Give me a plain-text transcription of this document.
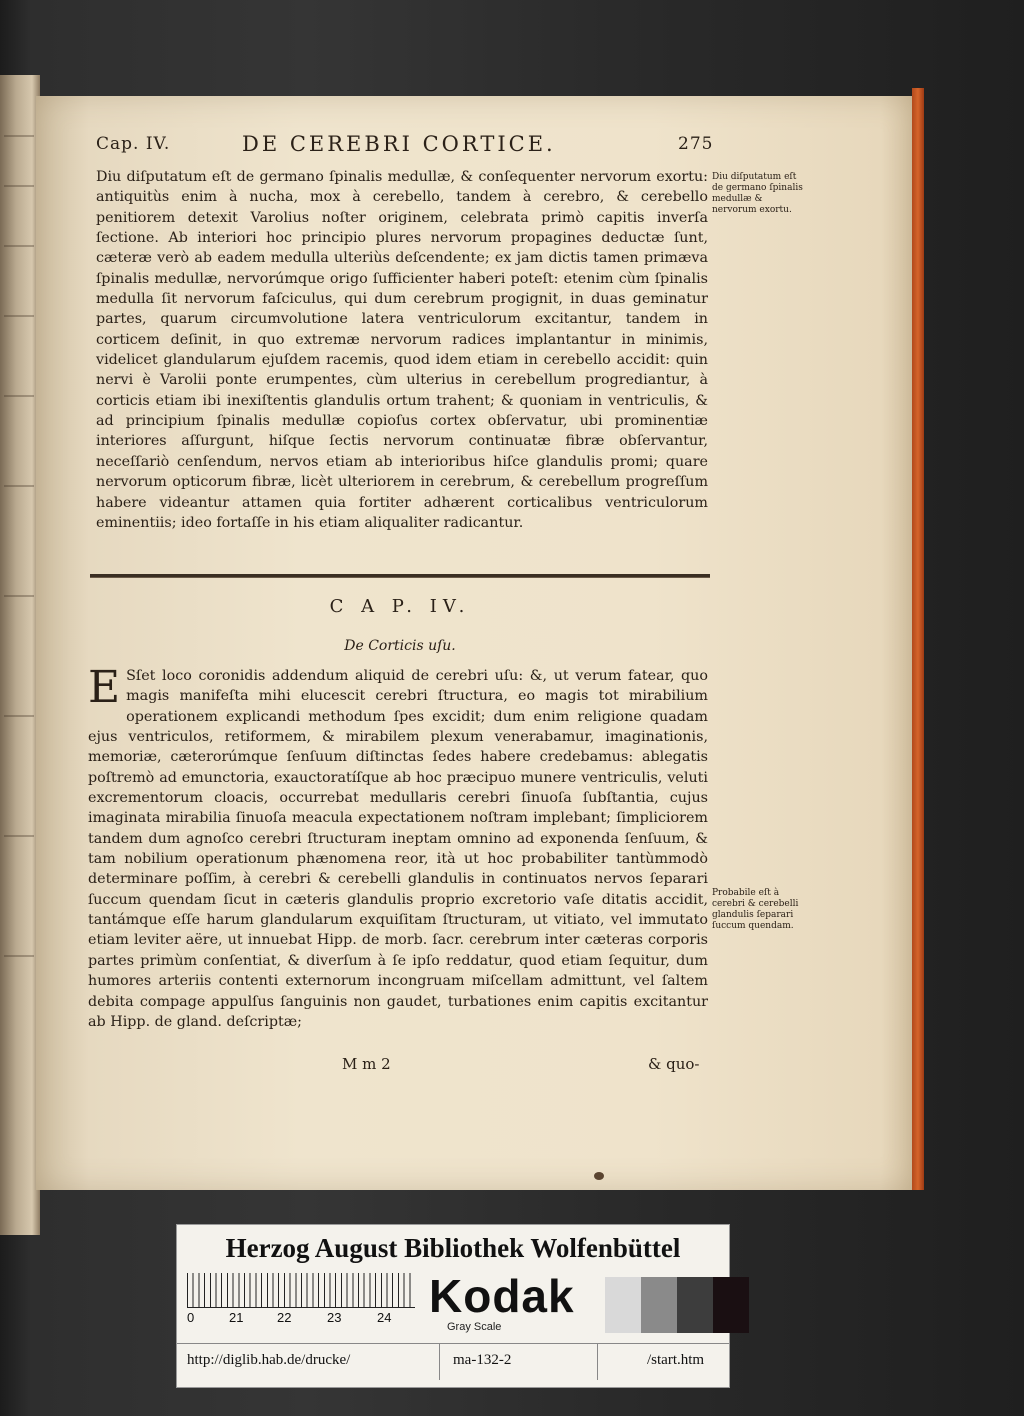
Cap. IV.	DE CEREBRI CORTICE.	275
Diu diſputatum eſt de germano ſpinalis medullæ, & conſequenter nervorum exortu: antiquitùs enim à nucha, mox à cerebello, tandem à cerebro, & cerebello penitiorem detexit Varolius noſter originem, celebrata primò capitis inverſa ſectione. Ab interiori hoc principio plures nervorum propagines deductæ ſunt, cæteræ verò ab eadem medulla ulteriùs deſcendente; ex jam dictis tamen primæva ſpinalis medullæ, nervorúmque origo ſufficienter haberi poteſt: etenim cùm ſpinalis medulla ſit nervorum faſciculus, qui dum cerebrum progignit, in duas geminatur partes, quarum circumvolutione latera ventriculorum excitantur, tandem in corticem deſinit, in quo extremæ nervorum radices implantantur in minimis, videlicet glandularum ejuſdem racemis, quod idem etiam in cerebello accidit: quin nervi è Varolii ponte erumpentes, cùm ulterius in cerebellum progrediantur, à corticis etiam ibi inexiſtentis glandulis ortum trahent; & quoniam in ventriculis, & ad principium ſpinalis medullæ copioſus cortex obſervatur, ubi prominentiæ interiores aſſurgunt, hiſque ſectis nervorum continuatæ fibræ obſervantur, neceſſariò cenſendum, nervos etiam ab interioribus hiſce glandulis promi; quare nervorum opticorum fibræ, licèt ulteriorem in cerebrum, & cerebellum progreſſum habere videantur attamen quia fortiter adhærent corticalibus ventriculorum eminentiis; ideo fortaſſe in his etiam aliqualiter radicantur.
Diu diſputatum eſt de germano ſpinalis medullæ & nervorum exortu.
C A P. IV.
De Corticis uſu.
E Sſet loco coronidis addendum aliquid de cerebri uſu: &, ut verum fatear, quo magis manifeſta mihi elucescit cerebri ſtructura, eo magis tot mirabilium operationem explicandi methodum ſpes excidit; dum enim religione quadam ejus ventriculos, retiformem, & mirabilem plexum venerabamur, imaginationis, memoriæ, cæterorúmque ſenſuum diſtinctas ſedes habere credebamus: ablegatis poſtremò ad emunctoria, exauctoratíſque ab hoc præcipuo munere ventriculis, veluti excrementorum cloacis, occurrebat medullaris cerebri ſinuoſa ſubſtantia, cujus imaginata mirabilia ſinuoſa meacula expectationem noſtram implebant; ſimpliciorem tandem dum agnoſco cerebri ſtructuram ineptam omnino ad exponenda ſenſuum, & tam nobilium operationum phænomena reor, ità ut hoc probabiliter tantùmmodò determinare poſſim, à cerebri & cerebelli glandulis in continuatos nervos ſeparari ſuccum quendam ſicut in cæteris glandulis proprio excretorio vaſe ditatis accidit, tantámque eſſe harum glandularum exquiſitam ſtructuram, ut vitiato, vel immutato etiam leviter aëre, ut innuebat Hipp. de morb. ſacr. cerebrum inter cæteras corporis partes primùm conſentiat, & diverſum à ſe ipſo reddatur, quod etiam ſequitur, dum humores arteriis contenti externorum incongruam miſcellam admittunt, vel ſaltem debita compage appulſus ſanguinis non gaudet, turbationes enim capitis excitantur ab Hipp. de gland. deſcriptæ;
Probabile eſt à cerebri & cerebelli glandulis ſeparari ſuccum quendam.
M m 2	& quo-
Herzog August Bibliothek Wolfenbüttel
0	21	22	23	24 Kodak
Gray Scale
http://diglib.hab.de/drucke/	ma-132-2	/start.htm
